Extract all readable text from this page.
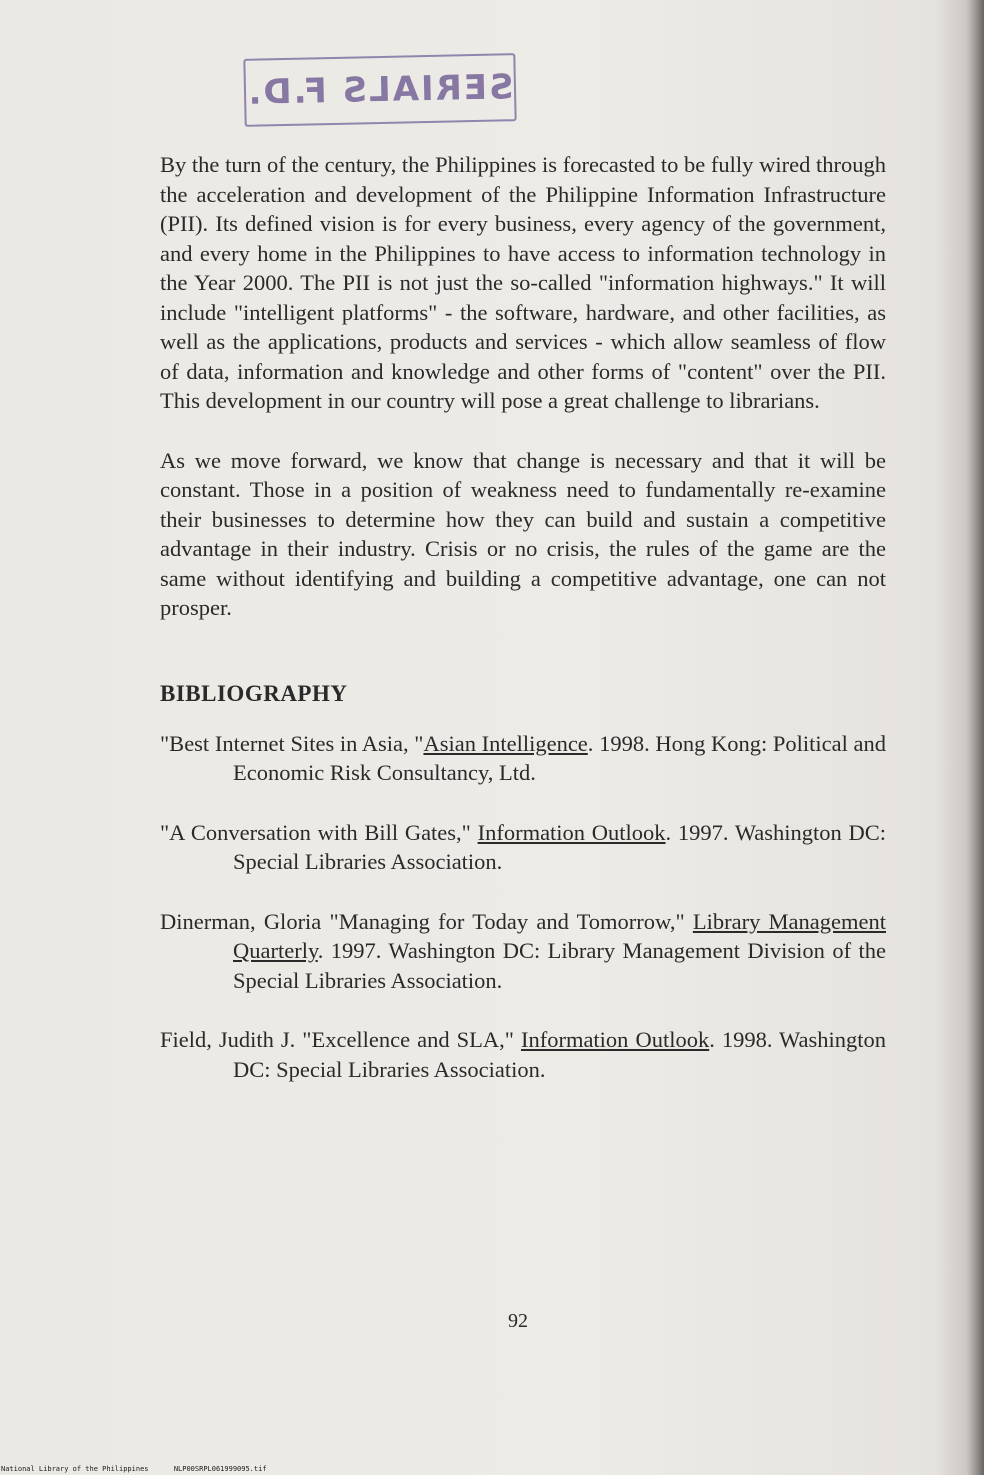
SERIALS F.D.

By the turn of the century, the Philippines is forecasted to be fully wired through the acceleration and development of the Philippine Information Infrastructure (PII). Its defined vision is for every business, every agency of the government, and every home in the Philippines to have access to information technology in the Year 2000. The PII is not just the so-called "information highways." It will include "intelligent platforms" - the software, hardware, and other facilities, as well as the applications, products and services - which allow seamless of flow of data, information and knowledge and other forms of "content" over the PII. This development in our country will pose a great challenge to librarians.

As we move forward, we know that change is necessary and that it will be constant. Those in a position of weakness need to fundamentally re-examine their businesses to determine how they can build and sustain a competitive advantage in their industry. Crisis or no crisis, the rules of the game are the same without identifying and building a competitive advantage, one can not prosper.

BIBLIOGRAPHY

"Best Internet Sites in Asia, "Asian Intelligence. 1998. Hong Kong: Political and Economic Risk Consultancy, Ltd.

"A Conversation with Bill Gates," Information Outlook. 1997. Washington DC: Special Libraries Association.

Dinerman, Gloria "Managing for Today and Tomorrow," Library Management Quarterly. 1997. Washington DC: Library Management Division of the Special Libraries Association.

Field, Judith J. "Excellence and SLA," Information Outlook. 1998. Washington DC: Special Libraries Association.

92
National Library of the Philippines	NLP00SRPL061999095.tif
